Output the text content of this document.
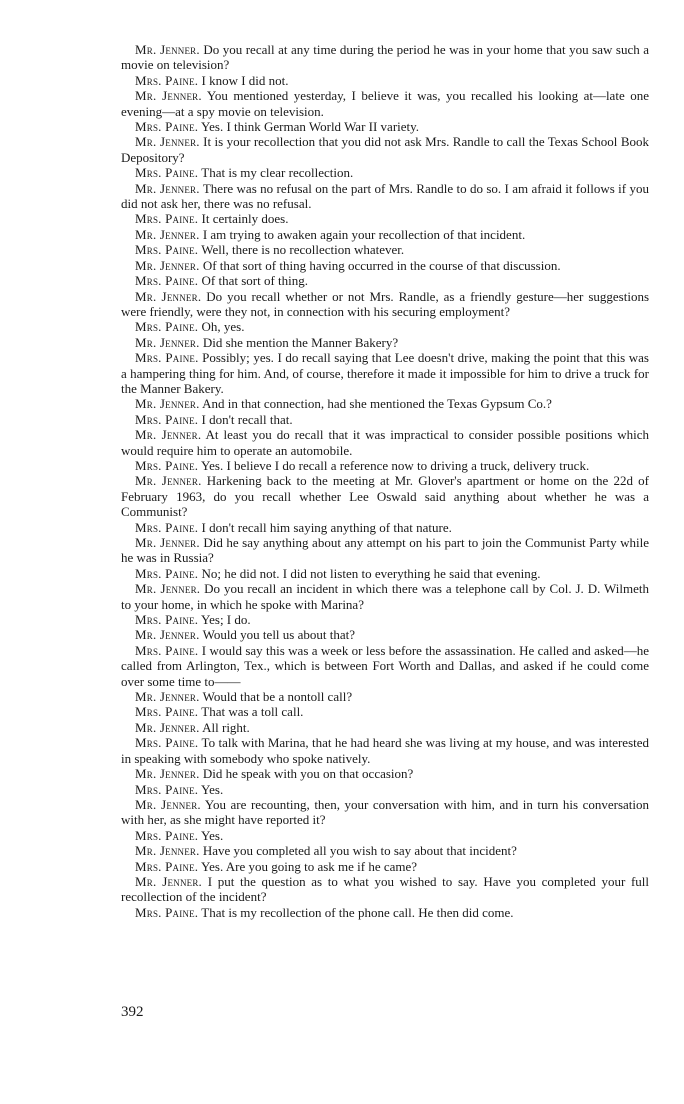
Mr. Jenner. Do you recall at any time during the period he was in your home that you saw such a movie on television?

Mrs. Paine. I know I did not.

Mr. Jenner. You mentioned yesterday, I believe it was, you recalled his looking at—late one evening—at a spy movie on television.

Mrs. Paine. Yes. I think German World War II variety.

Mr. Jenner. It is your recollection that you did not ask Mrs. Randle to call the Texas School Book Depository?

Mrs. Paine. That is my clear recollection.

Mr. Jenner. There was no refusal on the part of Mrs. Randle to do so. I am afraid it follows if you did not ask her, there was no refusal.

Mrs. Paine. It certainly does.

Mr. Jenner. I am trying to awaken again your recollection of that incident.

Mrs. Paine. Well, there is no recollection whatever.

Mr. Jenner. Of that sort of thing having occurred in the course of that discussion.

Mrs. Paine. Of that sort of thing.

Mr. Jenner. Do you recall whether or not Mrs. Randle, as a friendly gesture—her suggestions were friendly, were they not, in connection with his securing employment?

Mrs. Paine. Oh, yes.

Mr. Jenner. Did she mention the Manner Bakery?

Mrs. Paine. Possibly; yes. I do recall saying that Lee doesn't drive, making the point that this was a hampering thing for him. And, of course, therefore it made it impossible for him to drive a truck for the Manner Bakery.

Mr. Jenner. And in that connection, had she mentioned the Texas Gypsum Co.?

Mrs. Paine. I don't recall that.

Mr. Jenner. At least you do recall that it was impractical to consider possible positions which would require him to operate an automobile.

Mrs. Paine. Yes. I believe I do recall a reference now to driving a truck, delivery truck.

Mr. Jenner. Harkening back to the meeting at Mr. Glover's apartment or home on the 22d of February 1963, do you recall whether Lee Oswald said anything about whether he was a Communist?

Mrs. Paine. I don't recall him saying anything of that nature.

Mr. Jenner. Did he say anything about any attempt on his part to join the Communist Party while he was in Russia?

Mrs. Paine. No; he did not. I did not listen to everything he said that evening.

Mr. Jenner. Do you recall an incident in which there was a telephone call by Col. J. D. Wilmeth to your home, in which he spoke with Marina?

Mrs. Paine. Yes; I do.

Mr. Jenner. Would you tell us about that?

Mrs. Paine. I would say this was a week or less before the assassination. He called and asked—he called from Arlington, Tex., which is between Fort Worth and Dallas, and asked if he could come over some time to——

Mr. Jenner. Would that be a nontoll call?

Mrs. Paine. That was a toll call.

Mr. Jenner. All right.

Mrs. Paine. To talk with Marina, that he had heard she was living at my house, and was interested in speaking with somebody who spoke natively.

Mr. Jenner. Did he speak with you on that occasion?

Mrs. Paine. Yes.

Mr. Jenner. You are recounting, then, your conversation with him, and in turn his conversation with her, as she might have reported it?

Mrs. Paine. Yes.

Mr. Jenner. Have you completed all you wish to say about that incident?

Mrs. Paine. Yes. Are you going to ask me if he came?

Mr. Jenner. I put the question as to what you wished to say. Have you completed your full recollection of the incident?

Mrs. Paine. That is my recollection of the phone call. He then did come.

392
